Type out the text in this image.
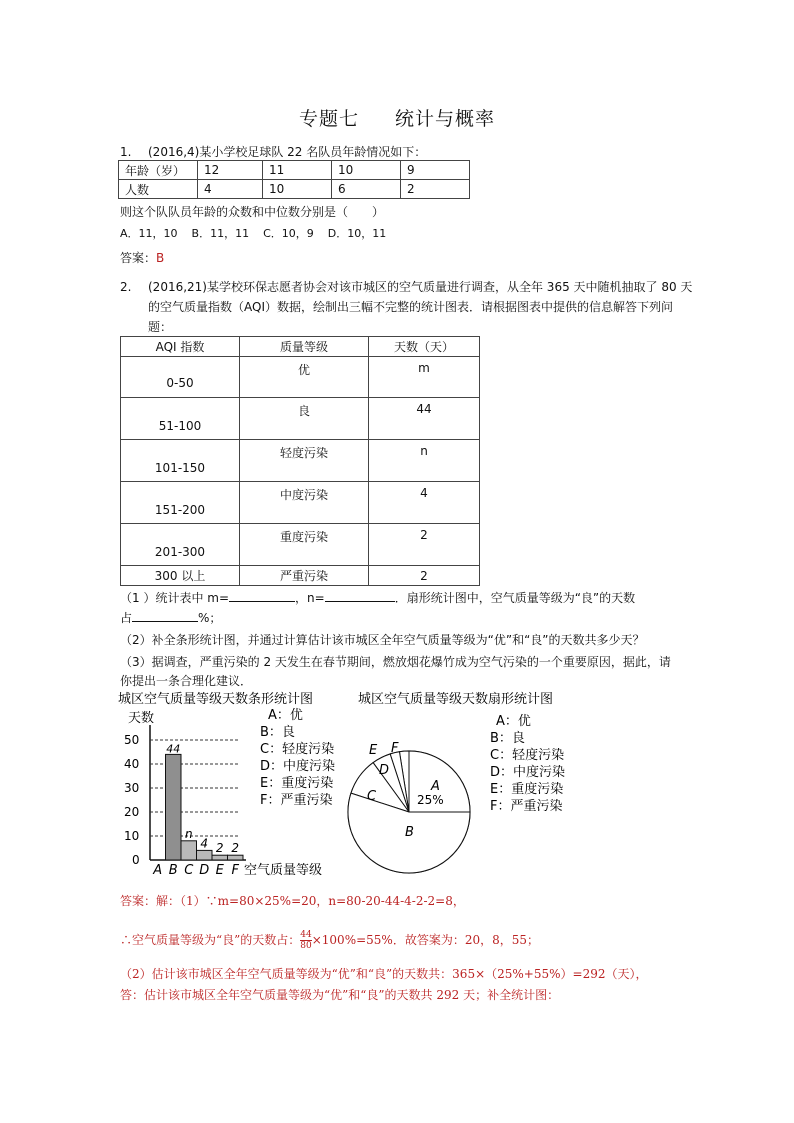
专题七 统计与概率
1. (2016,4)某小学校足球队 22 名队员年龄情况如下：
年龄（岁）	12	11	10	9
人数	4	10	6	2
则这个队队员年龄的众数和中位数分别是（　　）
A．11，10 B．11，11 C．10，9 D．10，11
答案：B
2. (2016,21)某学校环保志愿者协会对该市城区的空气质量进行调查，从全年 365 天中随机抽取了 80 天
的空气质量指数（AQI）数据，绘制出三幅不完整的统计图表．请根据图表中提供的信息解答下列问
题：
AQI 指数	质量等级	天数（天）
0-50	优	m
51-100	良	44
101-150	轻度污染	n
151-200	中度污染	4
201-300	重度污染	2
300 以上	严重污染	2
（1 ）统计表中 m=	，n=	．扇形统计图中，空气质量等级为“良”的天数
占	%；
（2）补全条形统计图，并通过计算估计该市城区全年空气质量等级为“优”和“良”的天数共多少天？
（3）据调查，严重污染的 2 天发生在春节期间，燃放烟花爆竹成为空气污染的一个重要原因，据此，请
你提出一条合理化建议．
城区空气质量等级天数条形统计图
天数
0
10
20
30
40
50
44
n
4 2 2
A B C D E F 空气质量等级
A：优
B：良
C：轻度污染
D：中度污染
E：重度污染
F：严重污染
城区空气质量等级天数扇形统计图
A
B
C
D
E F
25%
A：优
B：良
C：轻度污染
D：中度污染
E：重度污染
F：严重污染
答案：解：（1）∵m=80×25%=20，n=80-20-44-4-2-2=8，
∴空气质量等级为“良”的天数占： $\frac{44}{80} \times 100\%=55\%$．故答案为：20，8，55；
（2）估计该市城区全年空气质量等级为“优”和“良”的天数共：365×（25%+55%）=292（天），
答：估计该市城区全年空气质量等级为“优”和“良”的天数共 292 天；补全统计图：
